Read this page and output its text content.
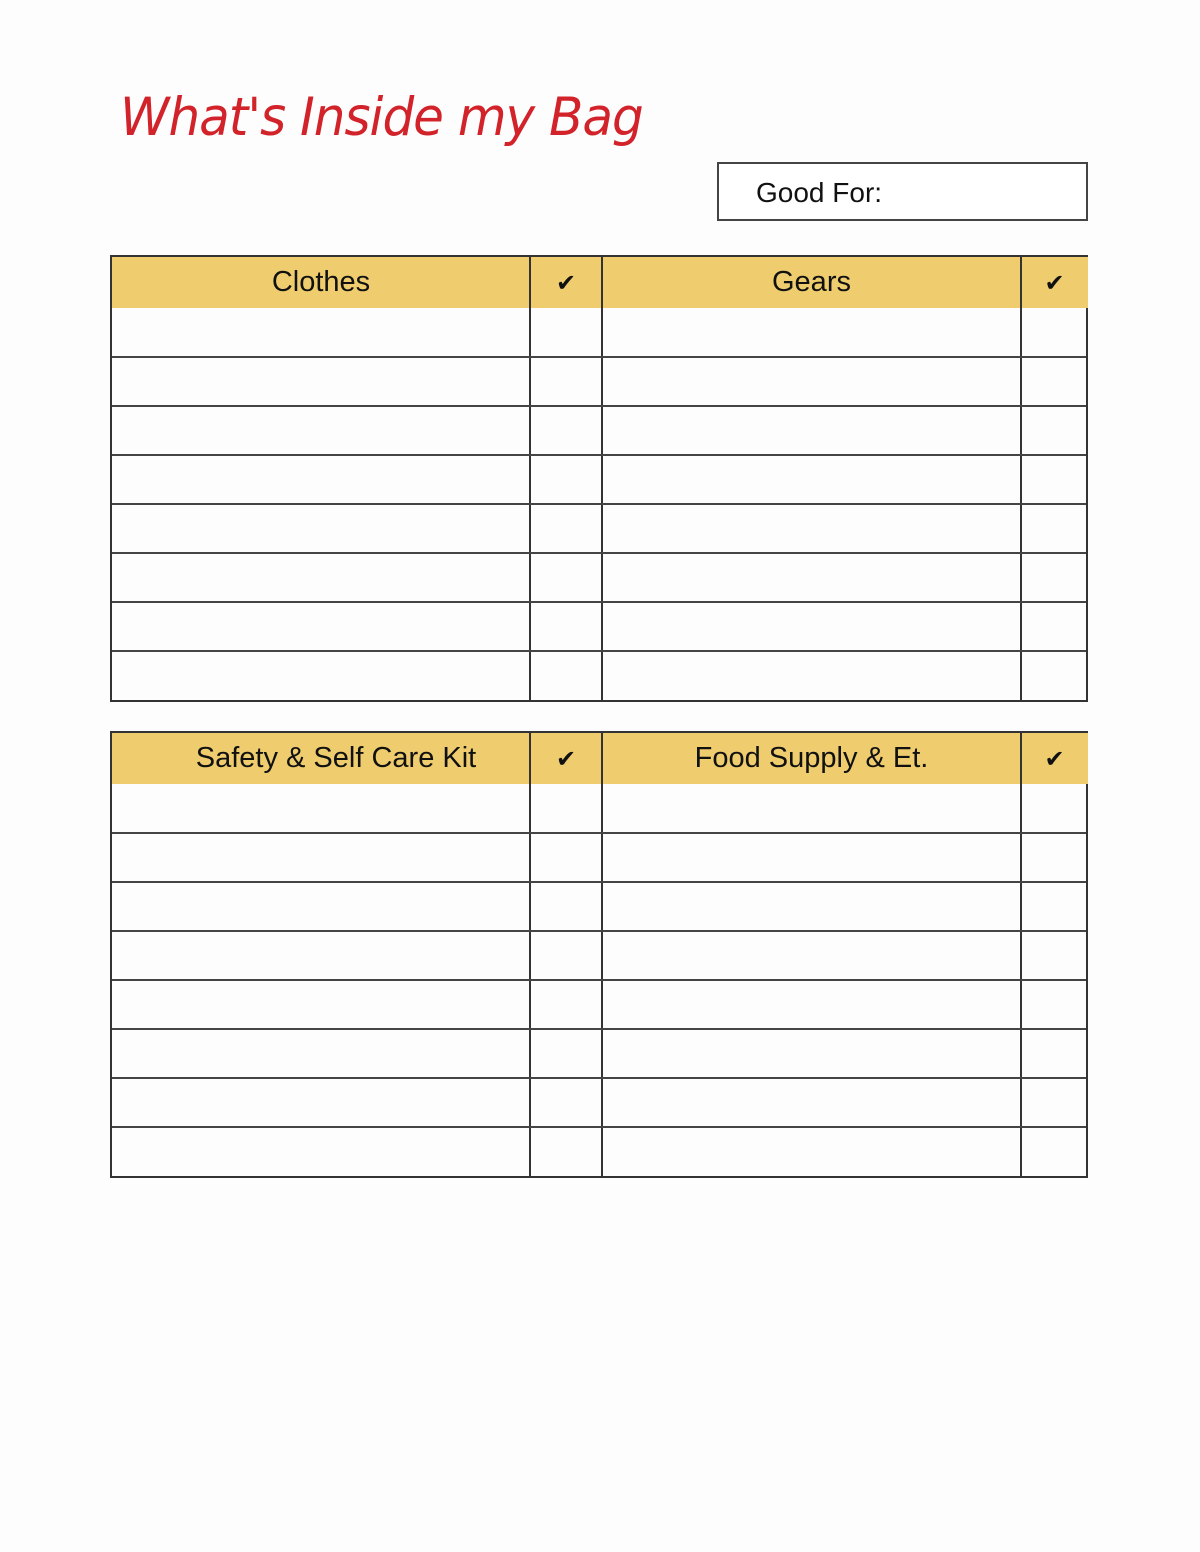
What's Inside my Bag
Good For:
Clothes	✔	Gears	✔
Safety & Self Care Kit	✔	Food Supply & Et.	✔
